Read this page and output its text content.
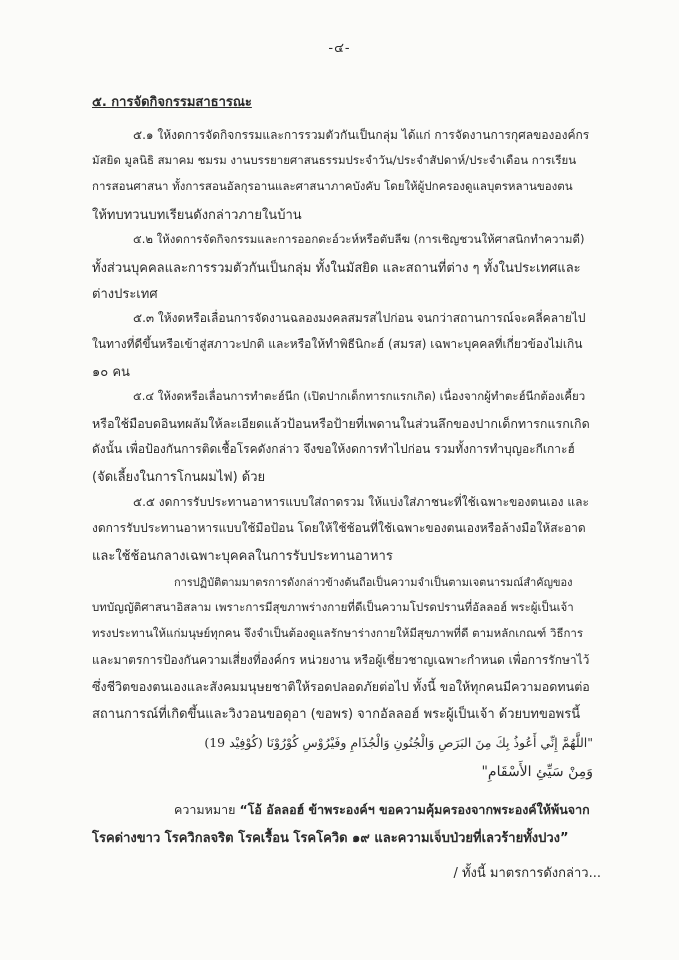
-๔-
๕. การจัดกิจกรรมสาธารณะ
๕.๑ ให้งดการจัดกิจกรรมและการรวมตัวกันเป็นกลุ่ม ได้แก่ การจัดงานการกุศลขององค์กร
มัสยิด มูลนิธิ สมาคม ชมรม งานบรรยายศาสนธรรมประจำวัน/ประจำสัปดาห์/ประจำเดือน การเรียน
การสอนศาสนา ทั้งการสอนอัลกุรอานและศาสนาภาคบังคับ โดยให้ผู้ปกครองดูแลบุตรหลานของตน
ให้ทบทวนบทเรียนดังกล่าวภายในบ้าน
๕.๒ ให้งดการจัดกิจกรรมและการออกดะอ์วะห์หรือตับลีฆ (การเชิญชวนให้ศาสนิกทำความดี)
ทั้งส่วนบุคคลและการรวมตัวกันเป็นกลุ่ม ทั้งในมัสยิด และสถานที่ต่าง ๆ ทั้งในประเทศและ
ต่างประเทศ
๕.๓ ให้งดหรือเลื่อนการจัดงานฉลองมงคลสมรสไปก่อน จนกว่าสถานการณ์จะคลี่คลายไป
ในทางที่ดีขึ้นหรือเข้าสู่สภาวะปกติ และหรือให้ทำพิธีนิกะฮ์ (สมรส) เฉพาะบุคคลที่เกี่ยวข้องไม่เกิน
๑๐ คน
๕.๔ ให้งดหรือเลื่อนการทำตะฮ์นีก (เปิดปากเด็กทารกแรกเกิด) เนื่องจากผู้ทำตะฮ์นีกต้องเคี้ยว
หรือใช้มือบดอินทผลัมให้ละเอียดแล้วป้อนหรือป้ายที่เพดานในส่วนลึกของปากเด็กทารกแรกเกิด
ดังนั้น เพื่อป้องกันการติดเชื้อโรคดังกล่าว จึงขอให้งดการทำไปก่อน รวมทั้งการทำบุญอะกีเกาะฮ์
(จัดเลี้ยงในการโกนผมไฟ) ด้วย
๕.๕ งดการรับประทานอาหารแบบใส่ถาดรวม ให้แบ่งใส่ภาชนะที่ใช้เฉพาะของตนเอง และ
งดการรับประทานอาหารแบบใช้มือป้อน โดยให้ใช้ช้อนที่ใช้เฉพาะของตนเองหรือล้างมือให้สะอาด
และใช้ช้อนกลางเฉพาะบุคคลในการรับประทานอาหาร
การปฏิบัติตามมาตรการดังกล่าวข้างต้นถือเป็นความจำเป็นตามเจตนารมณ์สำคัญของ
บทบัญญัติศาสนาอิสลาม เพราะการมีสุขภาพร่างกายที่ดีเป็นความโปรดปรานที่อัลลอฮ์ พระผู้เป็นเจ้า
ทรงประทานให้แก่มนุษย์ทุกคน จึงจำเป็นต้องดูแลรักษาร่างกายให้มีสุขภาพที่ดี ตามหลักเกณฑ์ วิธีการ
และมาตรการป้องกันความเสี่ยงที่องค์กร หน่วยงาน หรือผู้เชี่ยวชาญเฉพาะกำหนด เพื่อการรักษาไว้
ซึ่งชีวิตของตนเองและสังคมมนุษยชาติให้รอดปลอดภัยต่อไป ทั้งนี้ ขอให้ทุกคนมีความอดทนต่อ
สถานการณ์ที่เกิดขึ้นและวิงวอนขอดุอา (ขอพร) จากอัลลอฮ์ พระผู้เป็นเจ้า ด้วยบทขอพรนี้
"اللَّهُمَّ إِنِّي أَعُوذُ بِكَ مِنَ البَرَصِ وَالْجُنُونِ وَالْجُذَامِ وفَيْرُوْسِ كُوْرُوْنَا (كُوْفِيْد 19)
وَمِنْ سَيِّئِ الأَسْقَامِ"
ความหมาย “โอ้ อัลลอฮ์ ข้าพระองค์ฯ ขอความคุ้มครองจากพระองค์ให้พ้นจาก
โรคด่างขาว โรควิกลจริต โรคเรื้อน โรคโควิด ๑๙ และความเจ็บป่วยที่เลวร้ายทั้งปวง”
/ ทั้งนี้ มาตรการดังกล่าว...
